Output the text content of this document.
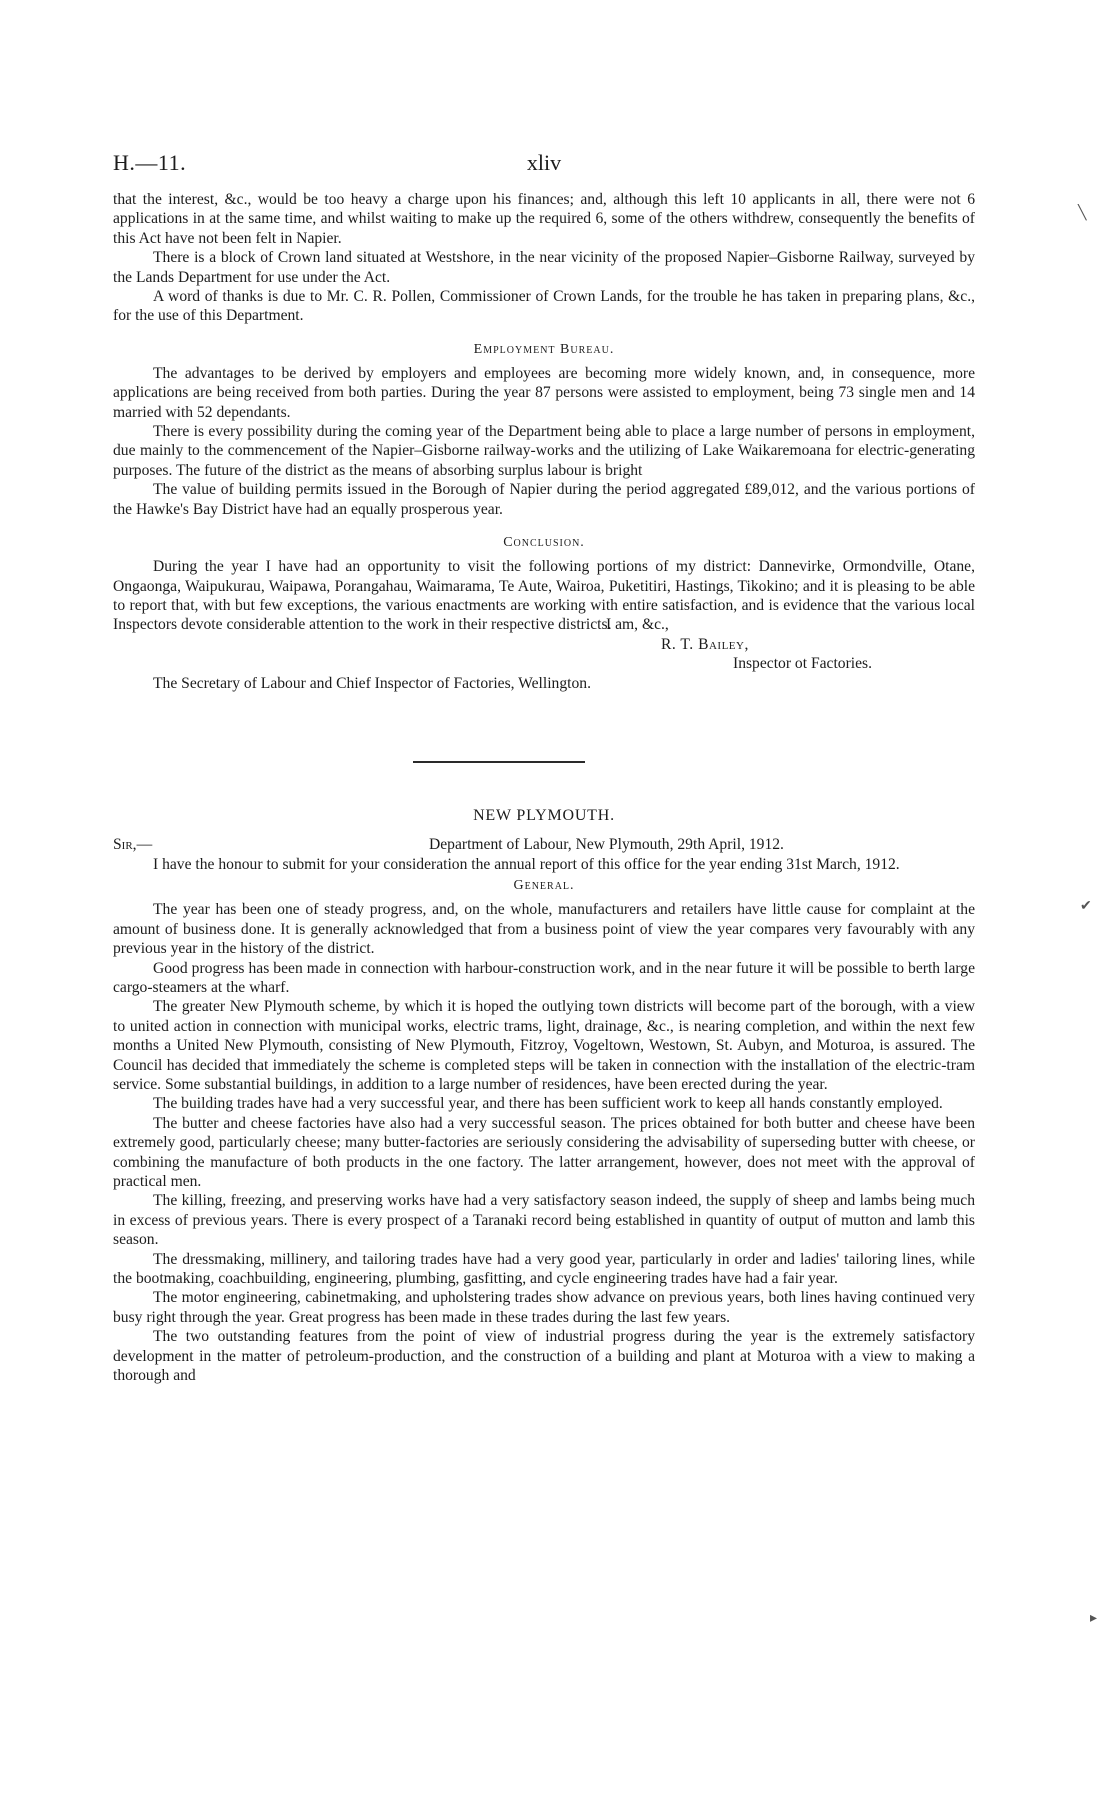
H.—11.	xliv

that the interest, &c., would be too heavy a charge upon his finances; and, although this left 10 applicants in all, there were not 6 applications in at the same time, and whilst waiting to make up the required 6, some of the others withdrew, consequently the benefits of this Act have not been felt in Napier.

There is a block of Crown land situated at Westshore, in the near vicinity of the proposed Napier–Gisborne Railway, surveyed by the Lands Department for use under the Act.

A word of thanks is due to Mr. C. R. Pollen, Commissioner of Crown Lands, for the trouble he has taken in preparing plans, &c., for the use of this Department.

Employment Bureau.

The advantages to be derived by employers and employees are becoming more widely known, and, in consequence, more applications are being received from both parties. During the year 87 persons were assisted to employment, being 73 single men and 14 married with 52 dependants.

There is every possibility during the coming year of the Department being able to place a large number of persons in employment, due mainly to the commencement of the Napier–Gisborne railway-works and the utilizing of Lake Waikaremoana for electric-generating purposes. The future of the district as the means of absorbing surplus labour is bright

The value of building permits issued in the Borough of Napier during the period aggregated £89,012, and the various portions of the Hawke's Bay District have had an equally prosperous year.

Conclusion.

During the year I have had an opportunity to visit the following portions of my district: Dannevirke, Ormondville, Otane, Ongaonga, Waipukurau, Waipawa, Porangahau, Waimarama, Te Aute, Wairoa, Puketitiri, Hastings, Tikokino; and it is pleasing to be able to report that, with but few exceptions, the various enactments are working with entire satisfaction, and is evidence that the various local Inspectors devote considerable attention to the work in their respective districts.

I am, &c.,
R. T. Bailey,
Inspector ot Factories.
The Secretary of Labour and Chief Inspector of Factories, Wellington.
NEW PLYMOUTH.
Sir,—	Department of Labour, New Plymouth, 29th April, 1912.

I have the honour to submit for your consideration the annual report of this office for the year ending 31st March, 1912.

General.

The year has been one of steady progress, and, on the whole, manufacturers and retailers have little cause for complaint at the amount of business done. It is generally acknowledged that from a business point of view the year compares very favourably with any previous year in the history of the district.

Good progress has been made in connection with harbour-construction work, and in the near future it will be possible to berth large cargo-steamers at the wharf.

The greater New Plymouth scheme, by which it is hoped the outlying town districts will become part of the borough, with a view to united action in connection with municipal works, electric trams, light, drainage, &c., is nearing completion, and within the next few months a United New Plymouth, consisting of New Plymouth, Fitzroy, Vogeltown, Westown, St. Aubyn, and Moturoa, is assured. The Council has decided that immediately the scheme is completed steps will be taken in connection with the installation of the electric-tram service. Some substantial buildings, in addition to a large number of residences, have been erected during the year.

The building trades have had a very successful year, and there has been sufficient work to keep all hands constantly employed.

The butter and cheese factories have also had a very successful season. The prices obtained for both butter and cheese have been extremely good, particularly cheese; many butter-factories are seriously considering the advisability of superseding butter with cheese, or combining the manufacture of both products in the one factory. The latter arrangement, however, does not meet with the approval of practical men.

The killing, freezing, and preserving works have had a very satisfactory season indeed, the supply of sheep and lambs being much in excess of previous years. There is every prospect of a Taranaki record being established in quantity of output of mutton and lamb this season.

The dressmaking, millinery, and tailoring trades have had a very good year, particularly in order and ladies' tailoring lines, while the bootmaking, coachbuilding, engineering, plumbing, gasfitting, and cycle engineering trades have had a fair year.

The motor engineering, cabinetmaking, and upholstering trades show advance on previous years, both lines having continued very busy right through the year. Great progress has been made in these trades during the last few years.

The two outstanding features from the point of view of industrial progress during the year is the extremely satisfactory development in the matter of petroleum-production, and the construction of a building and plant at Moturoa with a view to making a thorough and

╲
✔
▸
